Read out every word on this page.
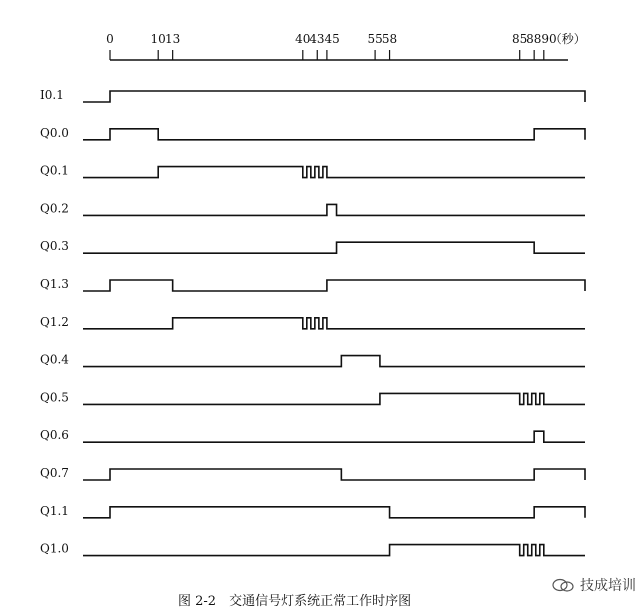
0	10 13	40
4345 55 58	85
8890
（秒）
I0.1
Q0.0
Q0.1
Q0.2
Q0.3
Q1.3
Q1.2
Q0.4
Q0.5
Q0.6
Q0.7
Q1.1
Q1.0
图 2-2　交通信号灯系统正常工作时序图
技成培训
